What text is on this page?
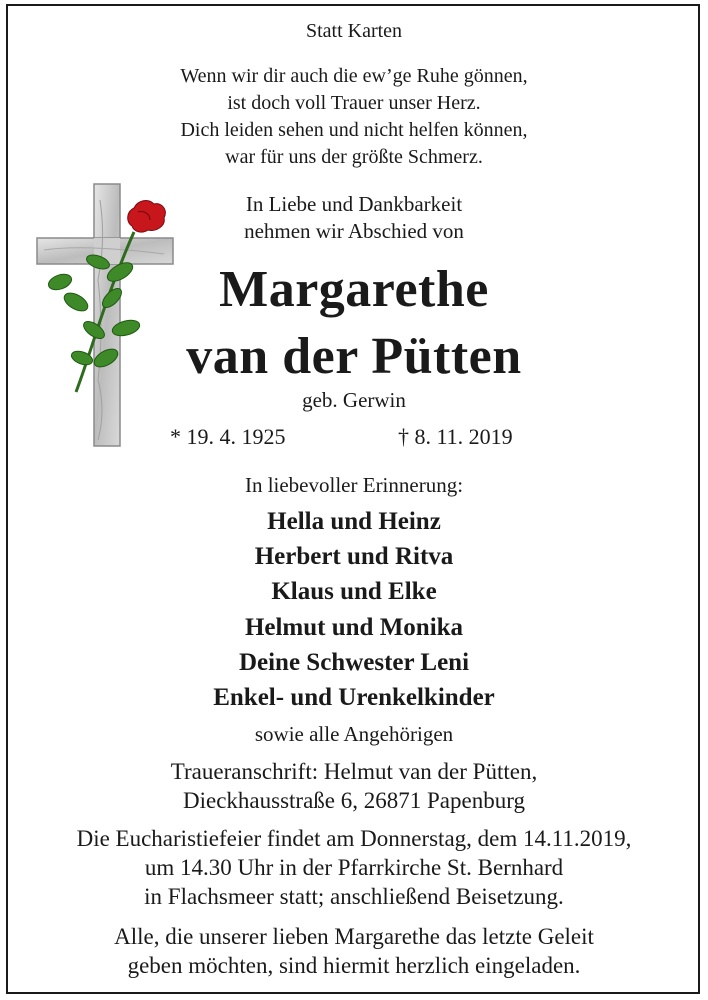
Statt Karten
Wenn wir dir auch die ew’ge Ruhe gönnen,
ist doch voll Trauer unser Herz.
Dich leiden sehen und nicht helfen können,
war für uns der größte Schmerz.
In Liebe und Dankbarkeit
nehmen wir Abschied von
Margarethe
van der Pütten
geb. Gerwin
* 19. 4. 1925	† 8. 11. 2019
In liebevoller Erinnerung:
Hella und Heinz
Herbert und Ritva
Klaus und Elke
Helmut und Monika
Deine Schwester Leni
Enkel- und Urenkelkinder
sowie alle Angehörigen
Traueranschrift: Helmut van der Pütten,
Dieckhausstraße 6, 26871 Papenburg
Die Eucharistiefeier findet am Donnerstag, dem 14.11.2019,
um 14.30 Uhr in der Pfarrkirche St. Bernhard
in Flachsmeer statt; anschließend Beisetzung.
Alle, die unserer lieben Margarethe das letzte Geleit
geben möchten, sind hiermit herzlich eingeladen.
